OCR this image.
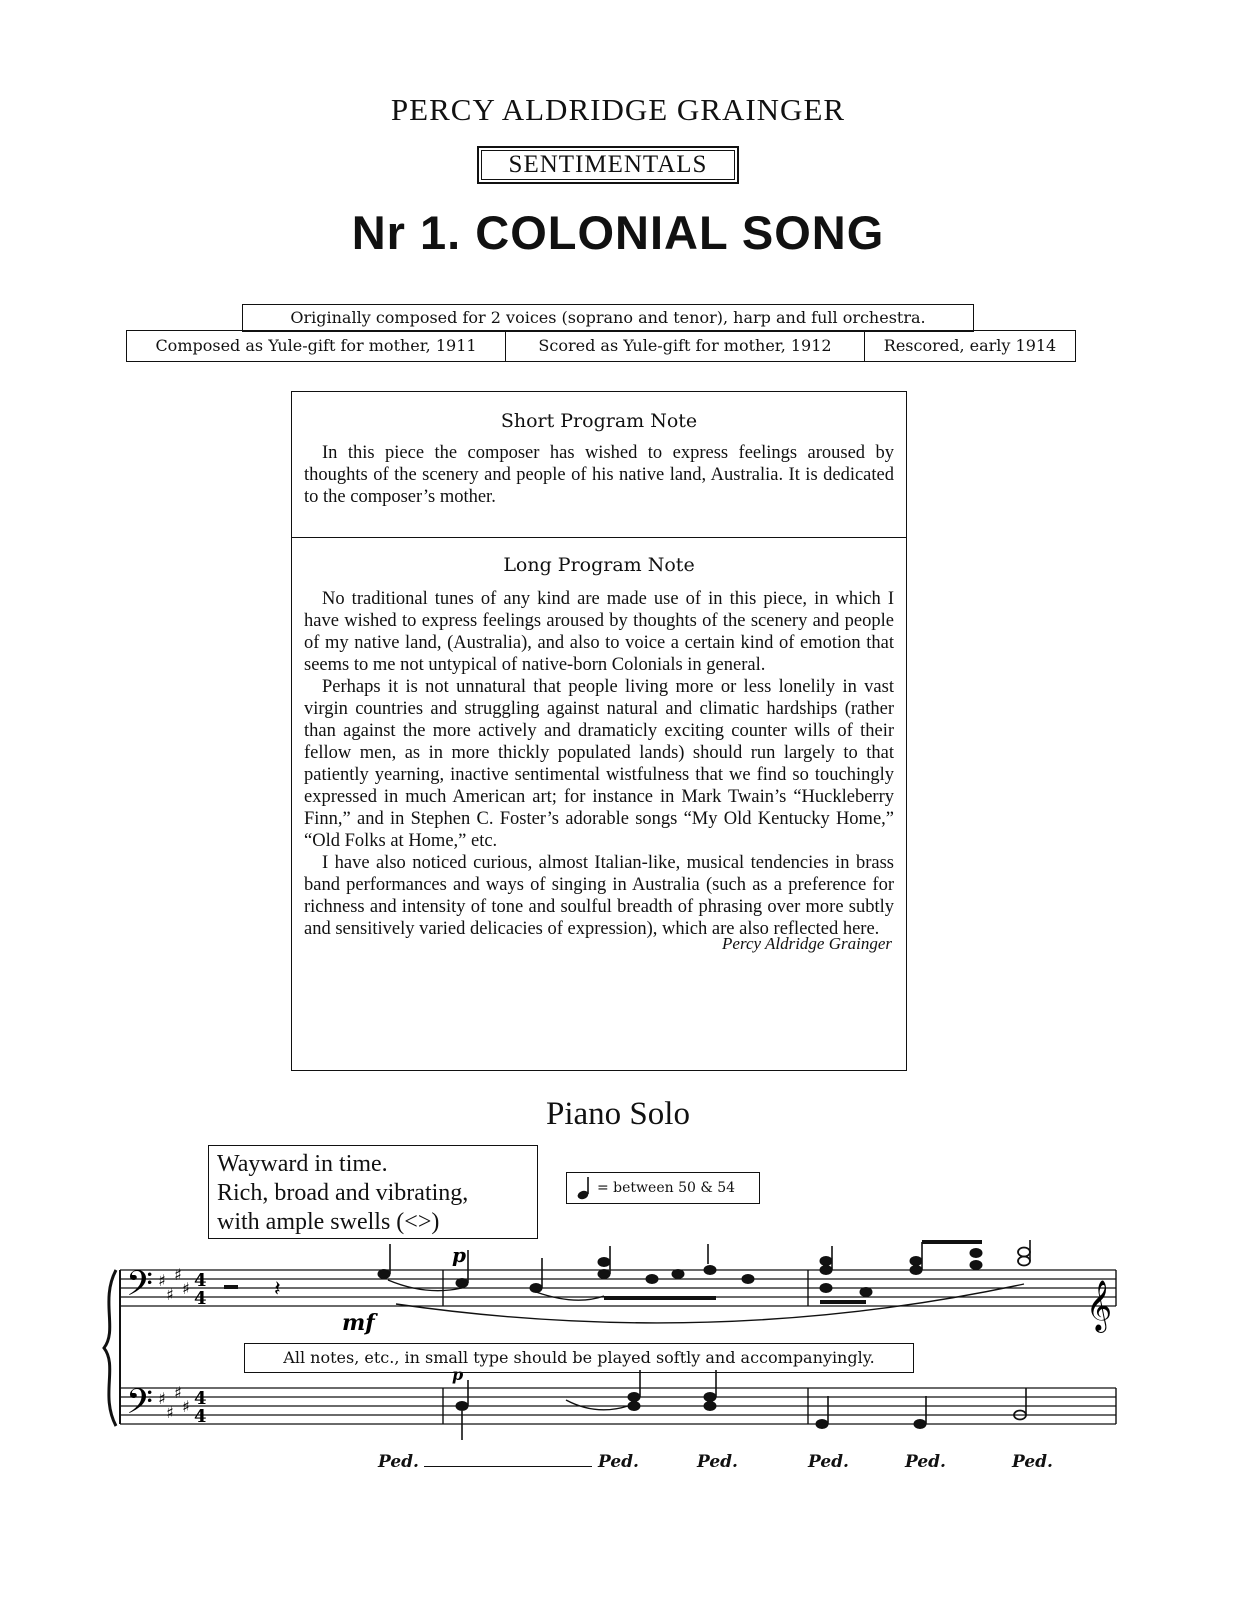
PERCY ALDRIDGE GRAINGER
SENTIMENTALS
Nr 1. COLONIAL SONG
Originally composed for 2 voices (soprano and tenor), harp and full orchestra.
Composed as Yule-gift for mother, 1911	Scored as Yule-gift for mother, 1912	Rescored, early 1914
Short Program Note

In this piece the composer has wished to express feelings aroused by thoughts of the scenery and people of his native land, Australia. It is dedicated to the composer’s mother.

Long Program Note

No traditional tunes of any kind are made use of in this piece, in which I have wished to express feelings aroused by thoughts of the scenery and people of my native land, (Australia), and also to voice a certain kind of emotion that seems to me not untypical of native-born Colonials in general.

Perhaps it is not unnatural that people living more or less lonelily in vast virgin countries and struggling against natural and climatic hardships (rather than against the more actively and dramaticly exciting counter wills of their fellow men, as in more thickly populated lands) should run largely to that patiently yearning, inactive sentimental wistfulness that we find so touchingly expressed in much American art; for instance in Mark Twain’s “Huckleberry Finn,” and in Stephen C. Foster’s adorable songs “My Old Kentucky Home,” “Old Folks at Home,” etc.

I have also noticed curious, almost Italian-like, musical tendencies in brass band performances and ways of singing in Australia (such as a preference for richness and intensity of tone and soulful breadth of phrasing over more subtly and sensitively varied delicacies of expression), which are also reflected here.

Percy Aldridge Grainger
Piano Solo
Wayward in time.
Rich, broad and vibrating,
with ample swells (<>)
= between 50 & 54
𝄢
𝄢
𝄞
♯
♯
♯
♯
♯
♯
♯
♯
4
4
4
4
𝄽
mf
p
p
All notes, etc., in small type should be played softly and accompanyingly.
Ped.	Ped.	Ped.	Ped.	Ped.	Ped.
